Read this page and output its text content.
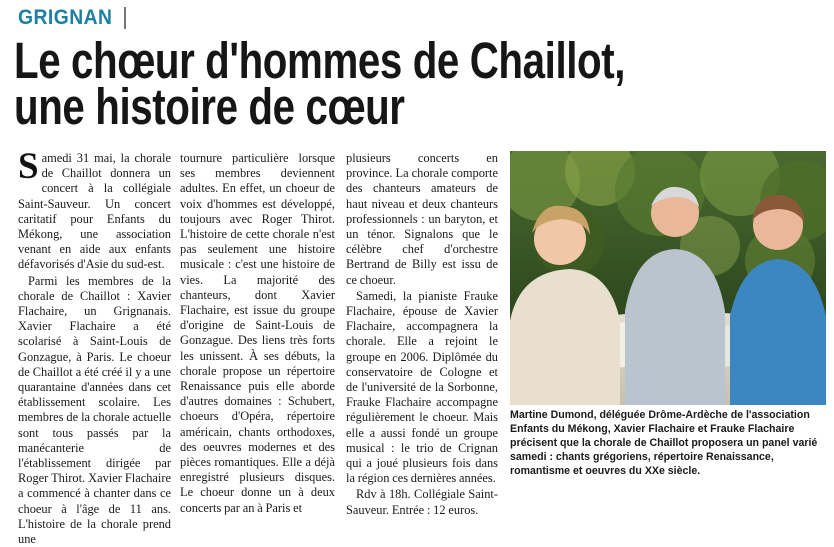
GRIGNAN
Le chœur d'hommes de Chaillot,
une histoire de cœur

Samedi 31 mai, la chorale de Chaillot donnera un concert à la collégiale Saint-Sauveur. Un concert caritatif pour Enfants du Mékong, une association venant en aide aux enfants défavorisés d'Asie du sud-est.

Parmi les membres de la chorale de Chaillot : Xavier Flachaire, un Grignanais. Xavier Flachaire a été scolarisé à Saint-Louis de Gonzague, à Paris. Le choeur de Chaillot a été créé il y a une quarantaine d'années dans cet établissement scolaire. Les membres de la chorale actuelle sont tous passés par la manécanterie de l'établissement dirigée par Roger Thirot. Xavier Flachaire a commencé à chanter dans ce choeur à l'âge de 11 ans. L'histoire de la chorale prend une

tournure particulière lorsque ses membres deviennent adultes. En effet, un choeur de voix d'hommes est développé, toujours avec Roger Thirot. L'histoire de cette chorale n'est pas seulement une histoire musicale : c'est une histoire de vies. La majorité des chanteurs, dont Xavier Flachaire, est issue du groupe d'origine de Saint-Louis de Gonzague. Des liens très forts les unissent. À ses débuts, la chorale propose un répertoire Renaissance puis elle aborde d'autres domaines : Schubert, choeurs d'Opéra, répertoire américain, chants orthodoxes, des oeuvres modernes et des pièces romantiques. Elle a déjà enregistré plusieurs disques. Le choeur donne un à deux concerts par an à Paris et

plusieurs concerts en province. La chorale comporte des chanteurs amateurs de haut niveau et deux chanteurs professionnels : un baryton, et un ténor. Signalons que le célèbre chef d'orchestre Bertrand de Billy est issu de ce choeur.

Samedi, la pianiste Frauke Flachaire, épouse de Xavier Flachaire, accompagnera la chorale. Elle a rejoint le groupe en 2006. Diplômée du conservatoire de Cologne et de l'université de la Sorbonne, Frauke Flachaire accompagne régulièrement le choeur. Mais elle a aussi fondé un groupe musical : le trio de Crignan qui a joué plusieurs fois dans la région ces dernières années.

Rdv à 18h. Collégiale Saint-Sauveur. Entrée : 12 euros.

Martine Dumond, déléguée Drôme-Ardèche de l'association Enfants du Mékong, Xavier Flachaire et Frauke Flachaire précisent que la chorale de Chaillot proposera un panel varié samedi : chants grégoriens, répertoire Renaissance, romantisme et oeuvres du XXe siècle.
